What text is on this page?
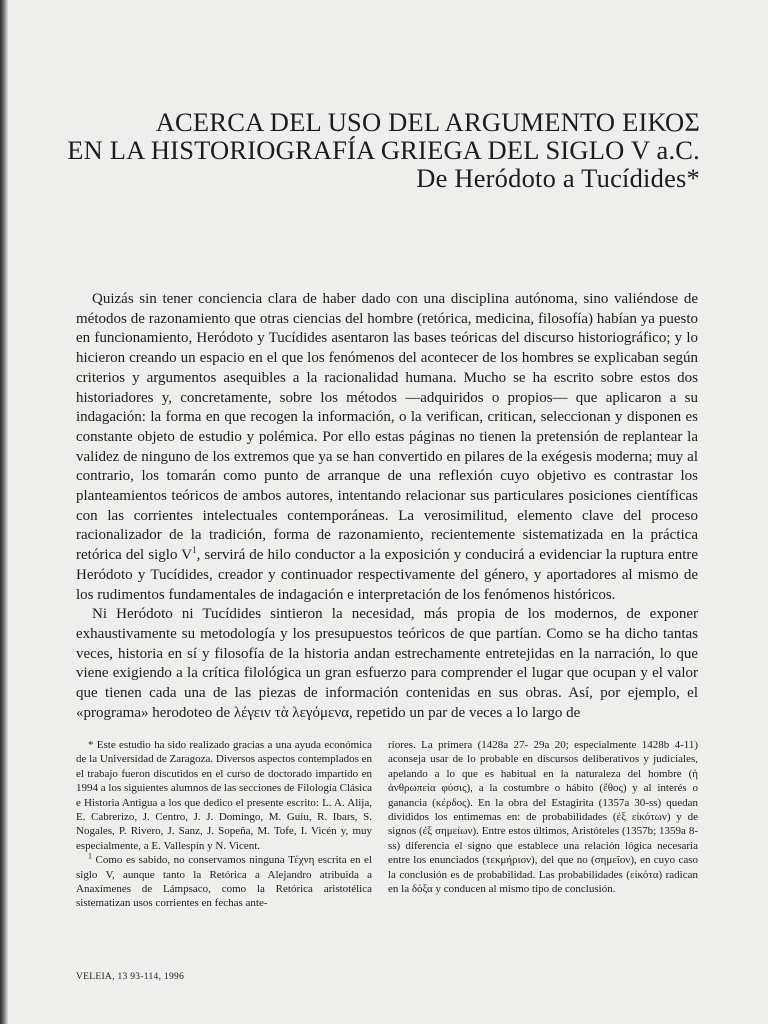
ACERCA DEL USO DEL ARGUMENTO ΕΙΚΟΣ
EN LA HISTORIOGRAFÍA GRIEGA DEL SIGLO V a.C.
De Heródoto a Tucídides*

Quizás sin tener conciencia clara de haber dado con una disciplina autónoma, sino valiéndose de métodos de razonamiento que otras ciencias del hombre (retórica, medicina, filosofía) habían ya puesto en funcionamiento, Heródoto y Tucídides asentaron las bases teóricas del discurso historiográfico; y lo hicieron creando un espacio en el que los fenómenos del acontecer de los hombres se explicaban según criterios y argumentos asequibles a la racionalidad humana. Mucho se ha escrito sobre estos dos historiadores y, concretamente, sobre los métodos —adquiridos o propios— que aplicaron a su indagación: la forma en que recogen la información, o la verifican, critican, seleccionan y disponen es constante objeto de estudio y polémica. Por ello estas páginas no tienen la pretensión de replantear la validez de ninguno de los extremos que ya se han convertido en pilares de la exégesis moderna; muy al contrario, los tomarán como punto de arranque de una reflexión cuyo objetivo es contrastar los planteamientos teóricos de ambos autores, intentando relacionar sus particulares posiciones científicas con las corrientes intelectuales contemporáneas. La verosimilitud, elemento clave del proceso racionalizador de la tradición, forma de razonamiento, recientemente sistematizada en la práctica retórica del siglo $V^1$, servirá de hilo conductor a la exposición y conducirá a evidenciar la ruptura entre Heródoto y Tucídides, creador y continuador respectivamente del género, y aportadores al mismo de los rudimentos fundamentales de indagación e interpretación de los fenómenos históricos.

Ni Heródoto ni Tucídides sintieron la necesidad, más propia de los modernos, de exponer exhaustivamente su metodología y los presupuestos teóricos de que partían. Como se ha dicho tantas veces, historia en sí y filosofía de la historia andan estrechamente entretejidas en la narración, lo que viene exigiendo a la crítica filológica un gran esfuerzo para comprender el lugar que ocupan y el valor que tienen cada una de las piezas de información contenidas en sus obras. Así, por ejemplo, el «programa» herodoteo de λέγειν τὰ λεγόμενα, repetido un par de veces a lo largo de

* Este estudio ha sido realizado gracias a una ayuda económica de la Universidad de Zaragoza. Diversos aspectos contemplados en el trabajo fueron discutidos en el curso de doctorado impartido en 1994 a los siguientes alumnos de las secciones de Filología Clásica e Historia Antigua a los que dedico el presente escrito: L. A. Alija, E. Cabrerizo, J. Centro, J. J. Domingo, M. Guiu, R. Ibars, S. Nogales, P. Rivero, J. Sanz, J. Sopeña, M. Tofe, I. Vicén y, muy especialmente, a E. Vallespín y N. Vicent.

$^1$ Como es sabido, no conservamos ninguna Τέχνη escrita en el siglo V, aunque tanto la Retórica a Alejandro atribuida a Anaxímenes de Lámpsaco, como la Retórica aristotélica sistematizan usos corrientes en fechas ante-

riores. La primera (1428a 27- 29a 20; especialmente 1428b 4-11) aconseja usar de lo probable en discursos deliberativos y judiciales, apelando a lo que es habitual en la naturaleza del hombre (ἡ ἀνθρωπεία φύσις), a la costumbre o hábito (ἔθος) y al interés o ganancia (κέρδος). En la obra del Estagirita (1357a 30-ss) quedan divididos los entimemas en: de probabilidades (ἐξ εἰκότων) y de signos (ἐξ σημείων). Entre estos últimos, Aristóteles (1357b; 1359a 8-ss) diferencia el signo que establece una relación lógica necesaria entre los enunciados (τεκμήριον), del que no (σημεῖον), en cuyo caso la conclusión es de probabilidad. Las probabilidades (εἰκότα) radican en la δόξα y conducen al mismo tipo de conclusión.

VELEIA, 13 93-114, 1996
